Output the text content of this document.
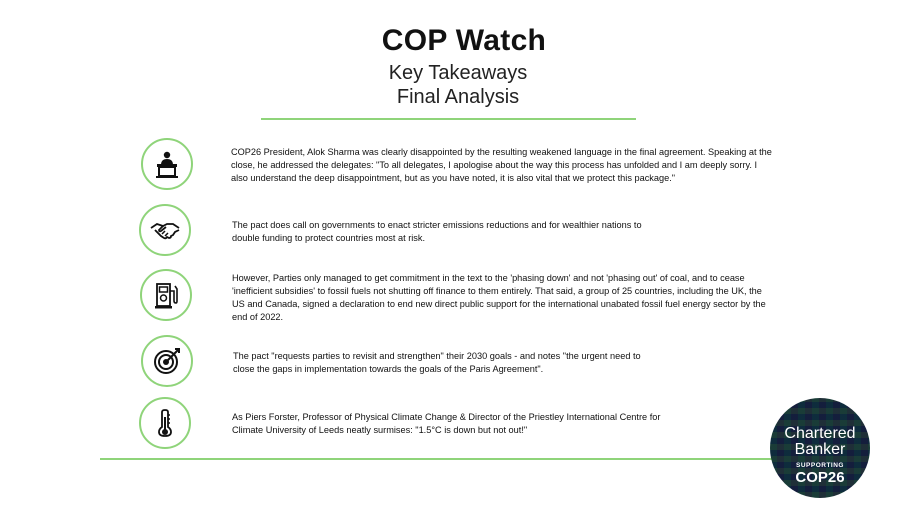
COP Watch
Key Takeaways
Final Analysis
COP26 President, Alok Sharma was clearly disappointed by the resulting weakened language in the final agreement. Speaking at the close, he addressed the delegates: "To all delegates, I apologise about the way this process has unfolded and I am deeply sorry. I also understand the deep disappointment, but as you have noted, it is also vital that we protect this package."
The pact does call on governments to enact stricter emissions reductions and for wealthier nations to double funding to protect countries most at risk.
However, Parties only managed to get commitment in the text to the 'phasing down' and not 'phasing out' of coal, and to cease 'inefficient subsidies' to fossil fuels not shutting off finance to them entirely. That said, a group of 25 countries, including the UK, the US and Canada, signed a declaration to end new direct public support for the international unabated fossil fuel energy sector by the end of 2022.
The pact "requests parties to revisit and strengthen" their 2030 goals - and notes "the urgent need to close the gaps in implementation towards the goals of the Paris Agreement".
As Piers Forster, Professor of Physical Climate Change & Director of the Priestley International Centre for Climate University of Leeds neatly surmises: "1.5°C is down but not out!"	Chartered
Banker
SUPPORTING
COP26
